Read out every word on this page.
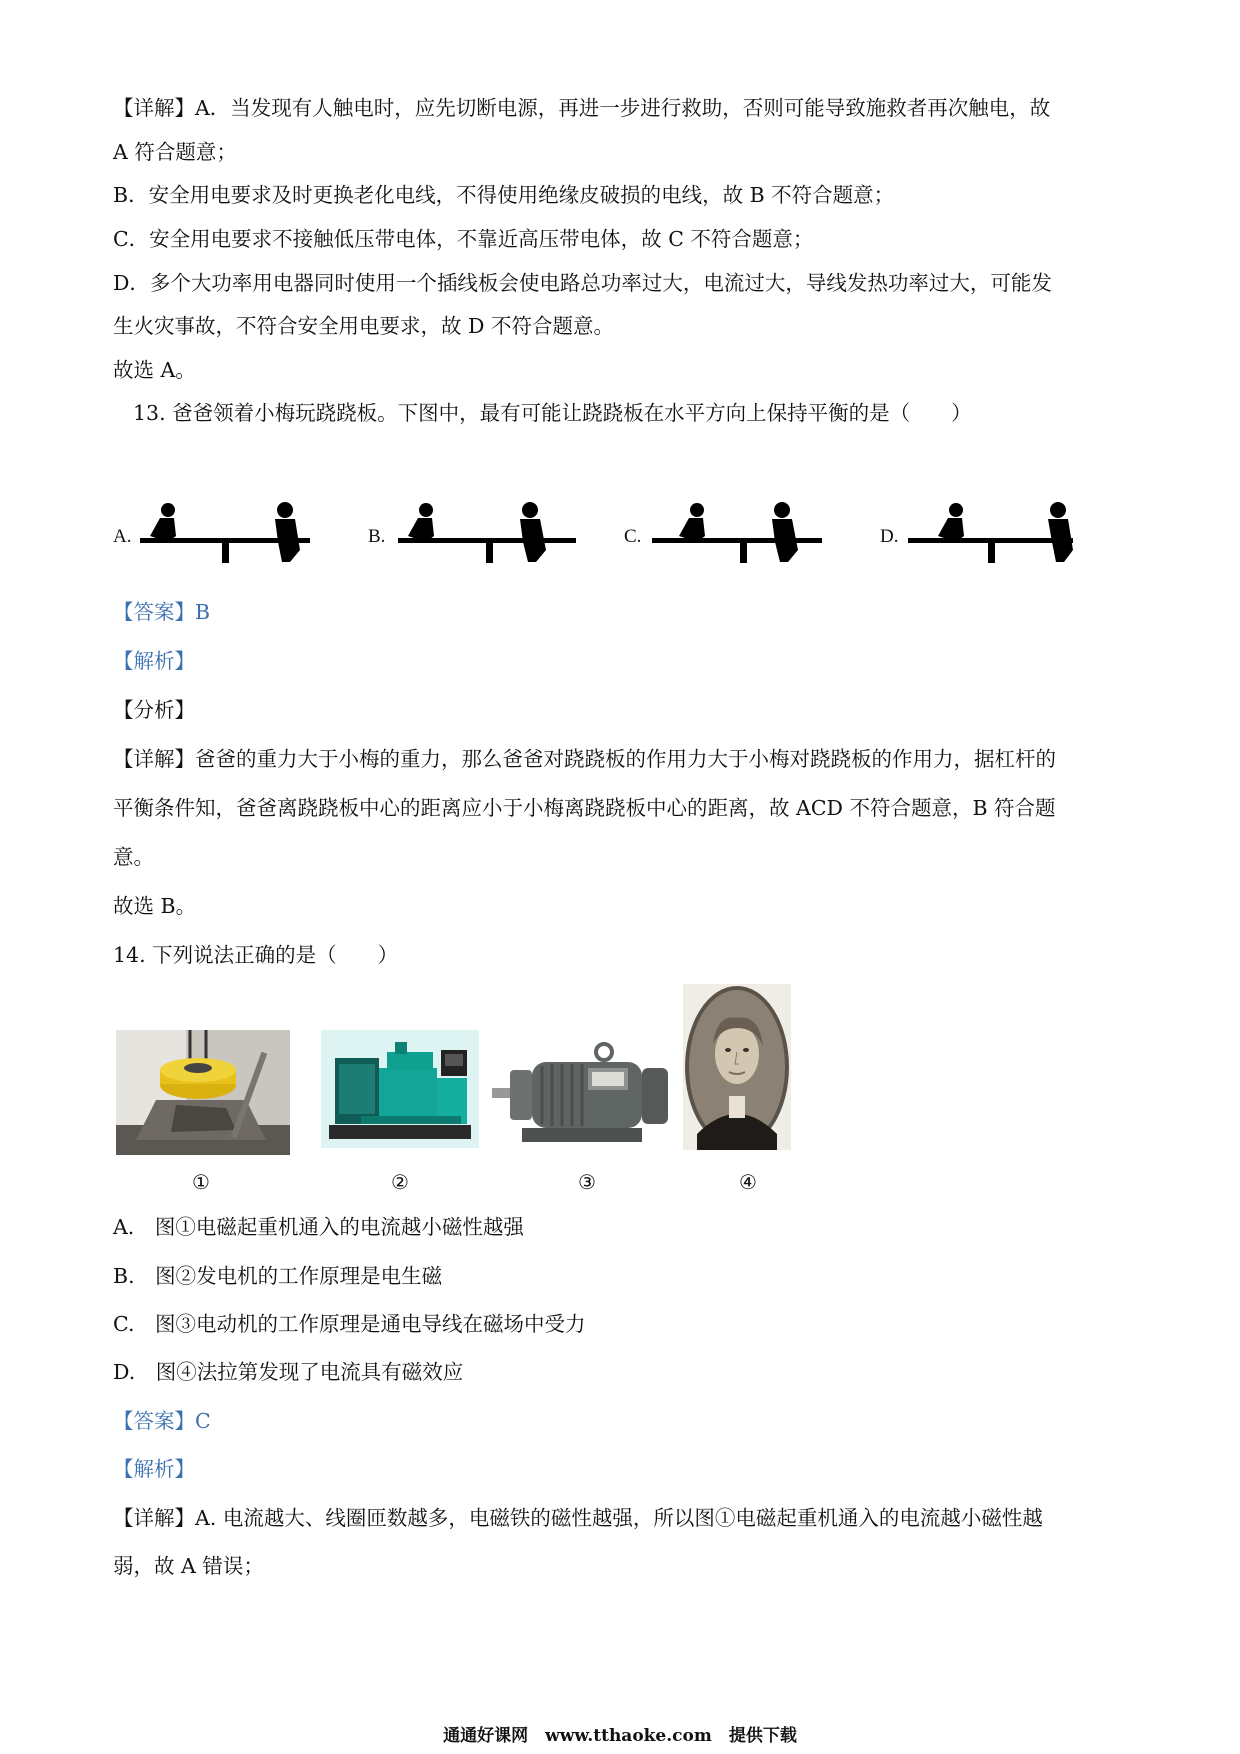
【详解】A．当发现有人触电时，应先切断电源，再进一步进行救助，否则可能导致施救者再次触电，故
A 符合题意；
B．安全用电要求及时更换老化电线，不得使用绝缘皮破损的电线，故 B 不符合题意；
C．安全用电要求不接触低压带电体，不靠近高压带电体，故 C 不符合题意；
D．多个大功率用电器同时使用一个插线板会使电路总功率过大，电流过大，导线发热功率过大，可能发
生火灾事故，不符合安全用电要求，故 D 不符合题意。
故选 A。
13. 爸爸领着小梅玩跷跷板。下图中，最有可能让跷跷板在水平方向上保持平衡的是（　　）
A.	B.	C.	D.
【答案】B
【解析】
【分析】
【详解】爸爸的重力大于小梅的重力，那么爸爸对跷跷板的作用力大于小梅对跷跷板的作用力，据杠杆的
平衡条件知，爸爸离跷跷板中心的距离应小于小梅离跷跷板中心的距离，故 ACD 不符合题意，B 符合题
意。
故选 B。
14. 下列说法正确的是（　　）
①	②	③	④
A.　图①电磁起重机通入的电流越小磁性越强
B.　图②发电机的工作原理是电生磁
C.　图③电动机的工作原理是通电导线在磁场中受力
D.　图④法拉第发现了电流具有磁效应
【答案】C
【解析】
【详解】A. 电流越大、线圈匝数越多，电磁铁的磁性越强，所以图①电磁起重机通入的电流越小磁性越
弱，故 A 错误；
通通好课网　www.tthaoke.com　提供下载
